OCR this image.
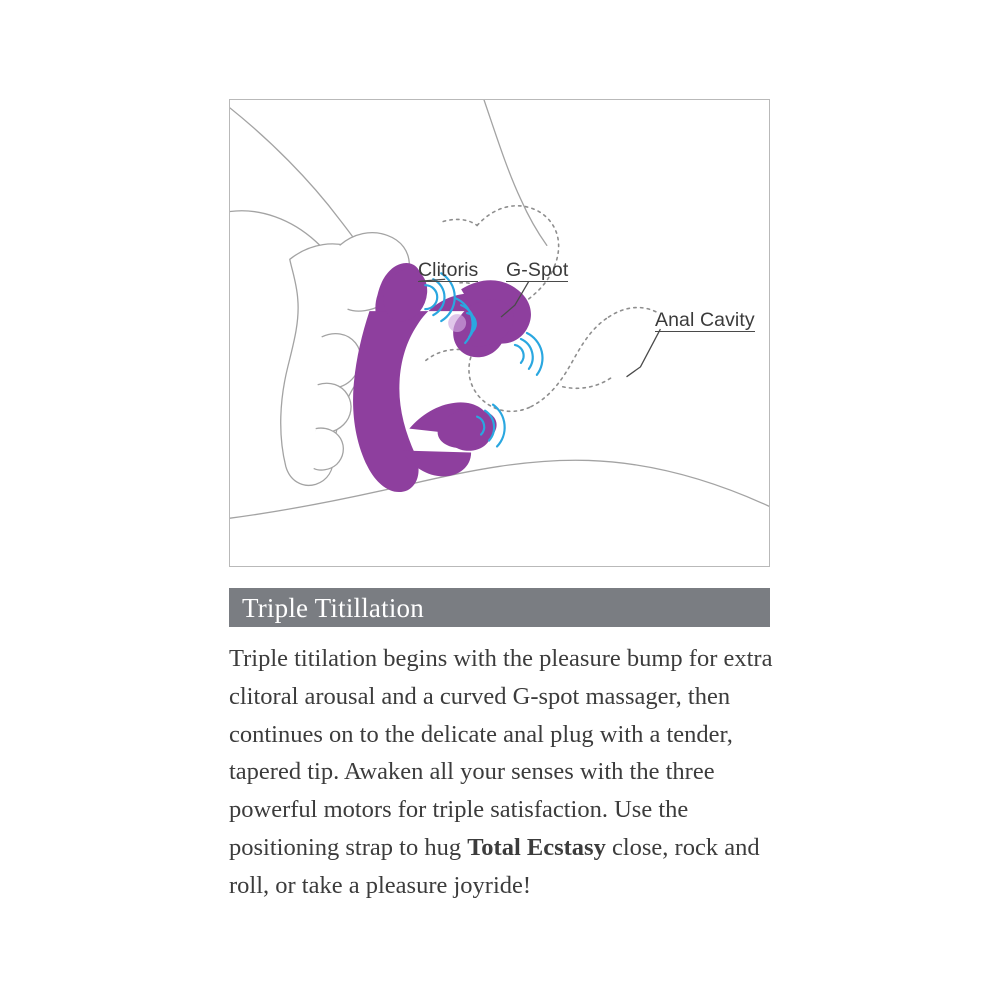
Clitoris G-Spot
Anal Cavity
Triple Titillation

Triple titilation begins with the pleasure bump for extra clitoral arousal and a curved G-spot massager, then continues on to the delicate anal plug with a tender, tapered tip. Awaken all your senses with the three powerful motors for triple satisfaction. Use the positioning strap to hug Total Ecstasy close, rock and roll, or take a pleasure joyride!
